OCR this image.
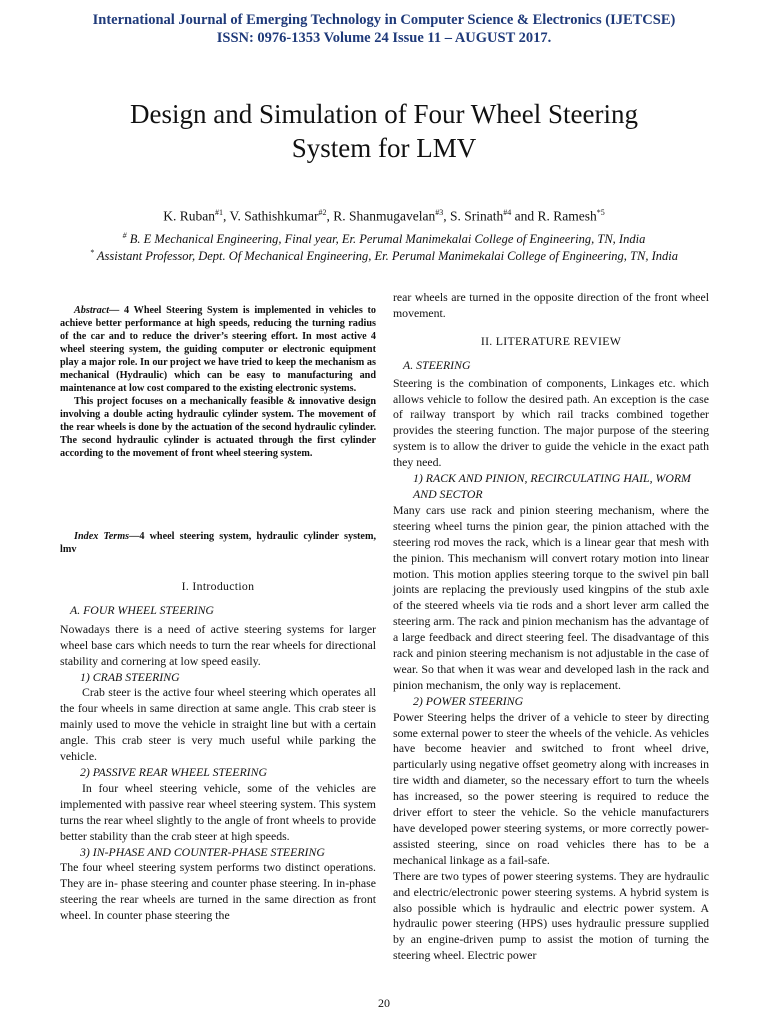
International Journal of Emerging Technology in Computer Science & Electronics (IJETCSE)
ISSN: 0976-1353 Volume 24 Issue 11 – AUGUST 2017.
Design and Simulation of Four Wheel Steering
System for LMV
K. Ruban$^{\#1}$, V. Sathishkumar$^{\#2}$, R. Shanmugavelan$^{\#3}$, S. Srinath$^{\#4}$ and R. Ramesh$^{*5}$
# B. E Mechanical Engineering, Final year, Er. Perumal Manimekalai College of Engineering, TN, India
* Assistant Professor, Dept. Of Mechanical Engineering, Er. Perumal Manimekalai College of Engineering, TN, India

Abstract— 4 Wheel Steering System is implemented in vehicles to achieve better performance at high speeds, reducing the turning radius of the car and to reduce the driver’s steering effort. In most active 4 wheel steering system, the guiding computer or electronic equipment play a major role. In our project we have tried to keep the mechanism as mechanical (Hydraulic) which can be easy to manufacturing and maintenance at low cost compared to the existing electronic systems.

This project focuses on a mechanically feasible & innovative design involving a double acting hydraulic cylinder system. The movement of the rear wheels is done by the actuation of the second hydraulic cylinder. The second hydraulic cylinder is actuated through the first cylinder according to the movement of front wheel steering system.

Index Terms—4 wheel steering system, hydraulic cylinder system, lmv
I. Introduction
A. FOUR WHEEL STEERING

Nowadays there is a need of active steering systems for larger wheel base cars which needs to turn the rear wheels for directional stability and cornering at low speed easily.

1) CRAB STEERING

Crab steer is the active four wheel steering which operates all the four wheels in same direction at same angle. This crab steer is mainly used to move the vehicle in straight line but with a certain angle. This crab steer is very much useful while parking the vehicle.

2) PASSIVE REAR WHEEL STEERING

In four wheel steering vehicle, some of the vehicles are implemented with passive rear wheel steering system. This system turns the rear wheel slightly to the angle of front wheels to provide better stability than the crab steer at high speeds.

3) IN-PHASE AND COUNTER-PHASE STEERING

The four wheel steering system performs two distinct operations. They are in- phase steering and counter phase steering. In in-phase steering the rear wheels are turned in the same direction as front wheel. In counter phase steering the

rear wheels are turned in the opposite direction of the front wheel movement.

II. LITERATURE REVIEW
A. STEERING

Steering is the combination of components, Linkages etc. which allows vehicle to follow the desired path. An exception is the case of railway transport by which rail tracks combined together provides the steering function. The major purpose of the steering system is to allow the driver to guide the vehicle in the exact path they need.

1) RACK AND PINION, RECIRCULATING HAIL, WORM AND SECTOR

Many cars use rack and pinion steering mechanism, where the steering wheel turns the pinion gear, the pinion attached with the steering rod moves the rack, which is a linear gear that mesh with the pinion. This mechanism will convert rotary motion into linear motion. This motion applies steering torque to the swivel pin ball joints are replacing the previously used kingpins of the stub axle of the steered wheels via tie rods and a short lever arm called the steering arm. The rack and pinion mechanism has the advantage of a large feedback and direct steering feel. The disadvantage of this rack and pinion steering mechanism is not adjustable in the case of wear. So that when it was wear and developed lash in the rack and pinion mechanism, the only way is replacement.

2) POWER STEERING

Power Steering helps the driver of a vehicle to steer by directing some external power to steer the wheels of the vehicle. As vehicles have become heavier and switched to front wheel drive, particularly using negative offset geometry along with increases in tire width and diameter, so the necessary effort to turn the wheels has increased, so the power steering is required to reduce the driver effort to steer the vehicle. So the vehicle manufacturers have developed power steering systems, or more correctly power-assisted steering, since on road vehicles there has to be a mechanical linkage as a fail-safe.

There are two types of power steering systems. They are hydraulic and electric/electronic power steering systems. A hybrid system is also possible which is hydraulic and electric power system. A hydraulic power steering (HPS) uses hydraulic pressure supplied by an engine-driven pump to assist the motion of turning the steering wheel. Electric power

20
